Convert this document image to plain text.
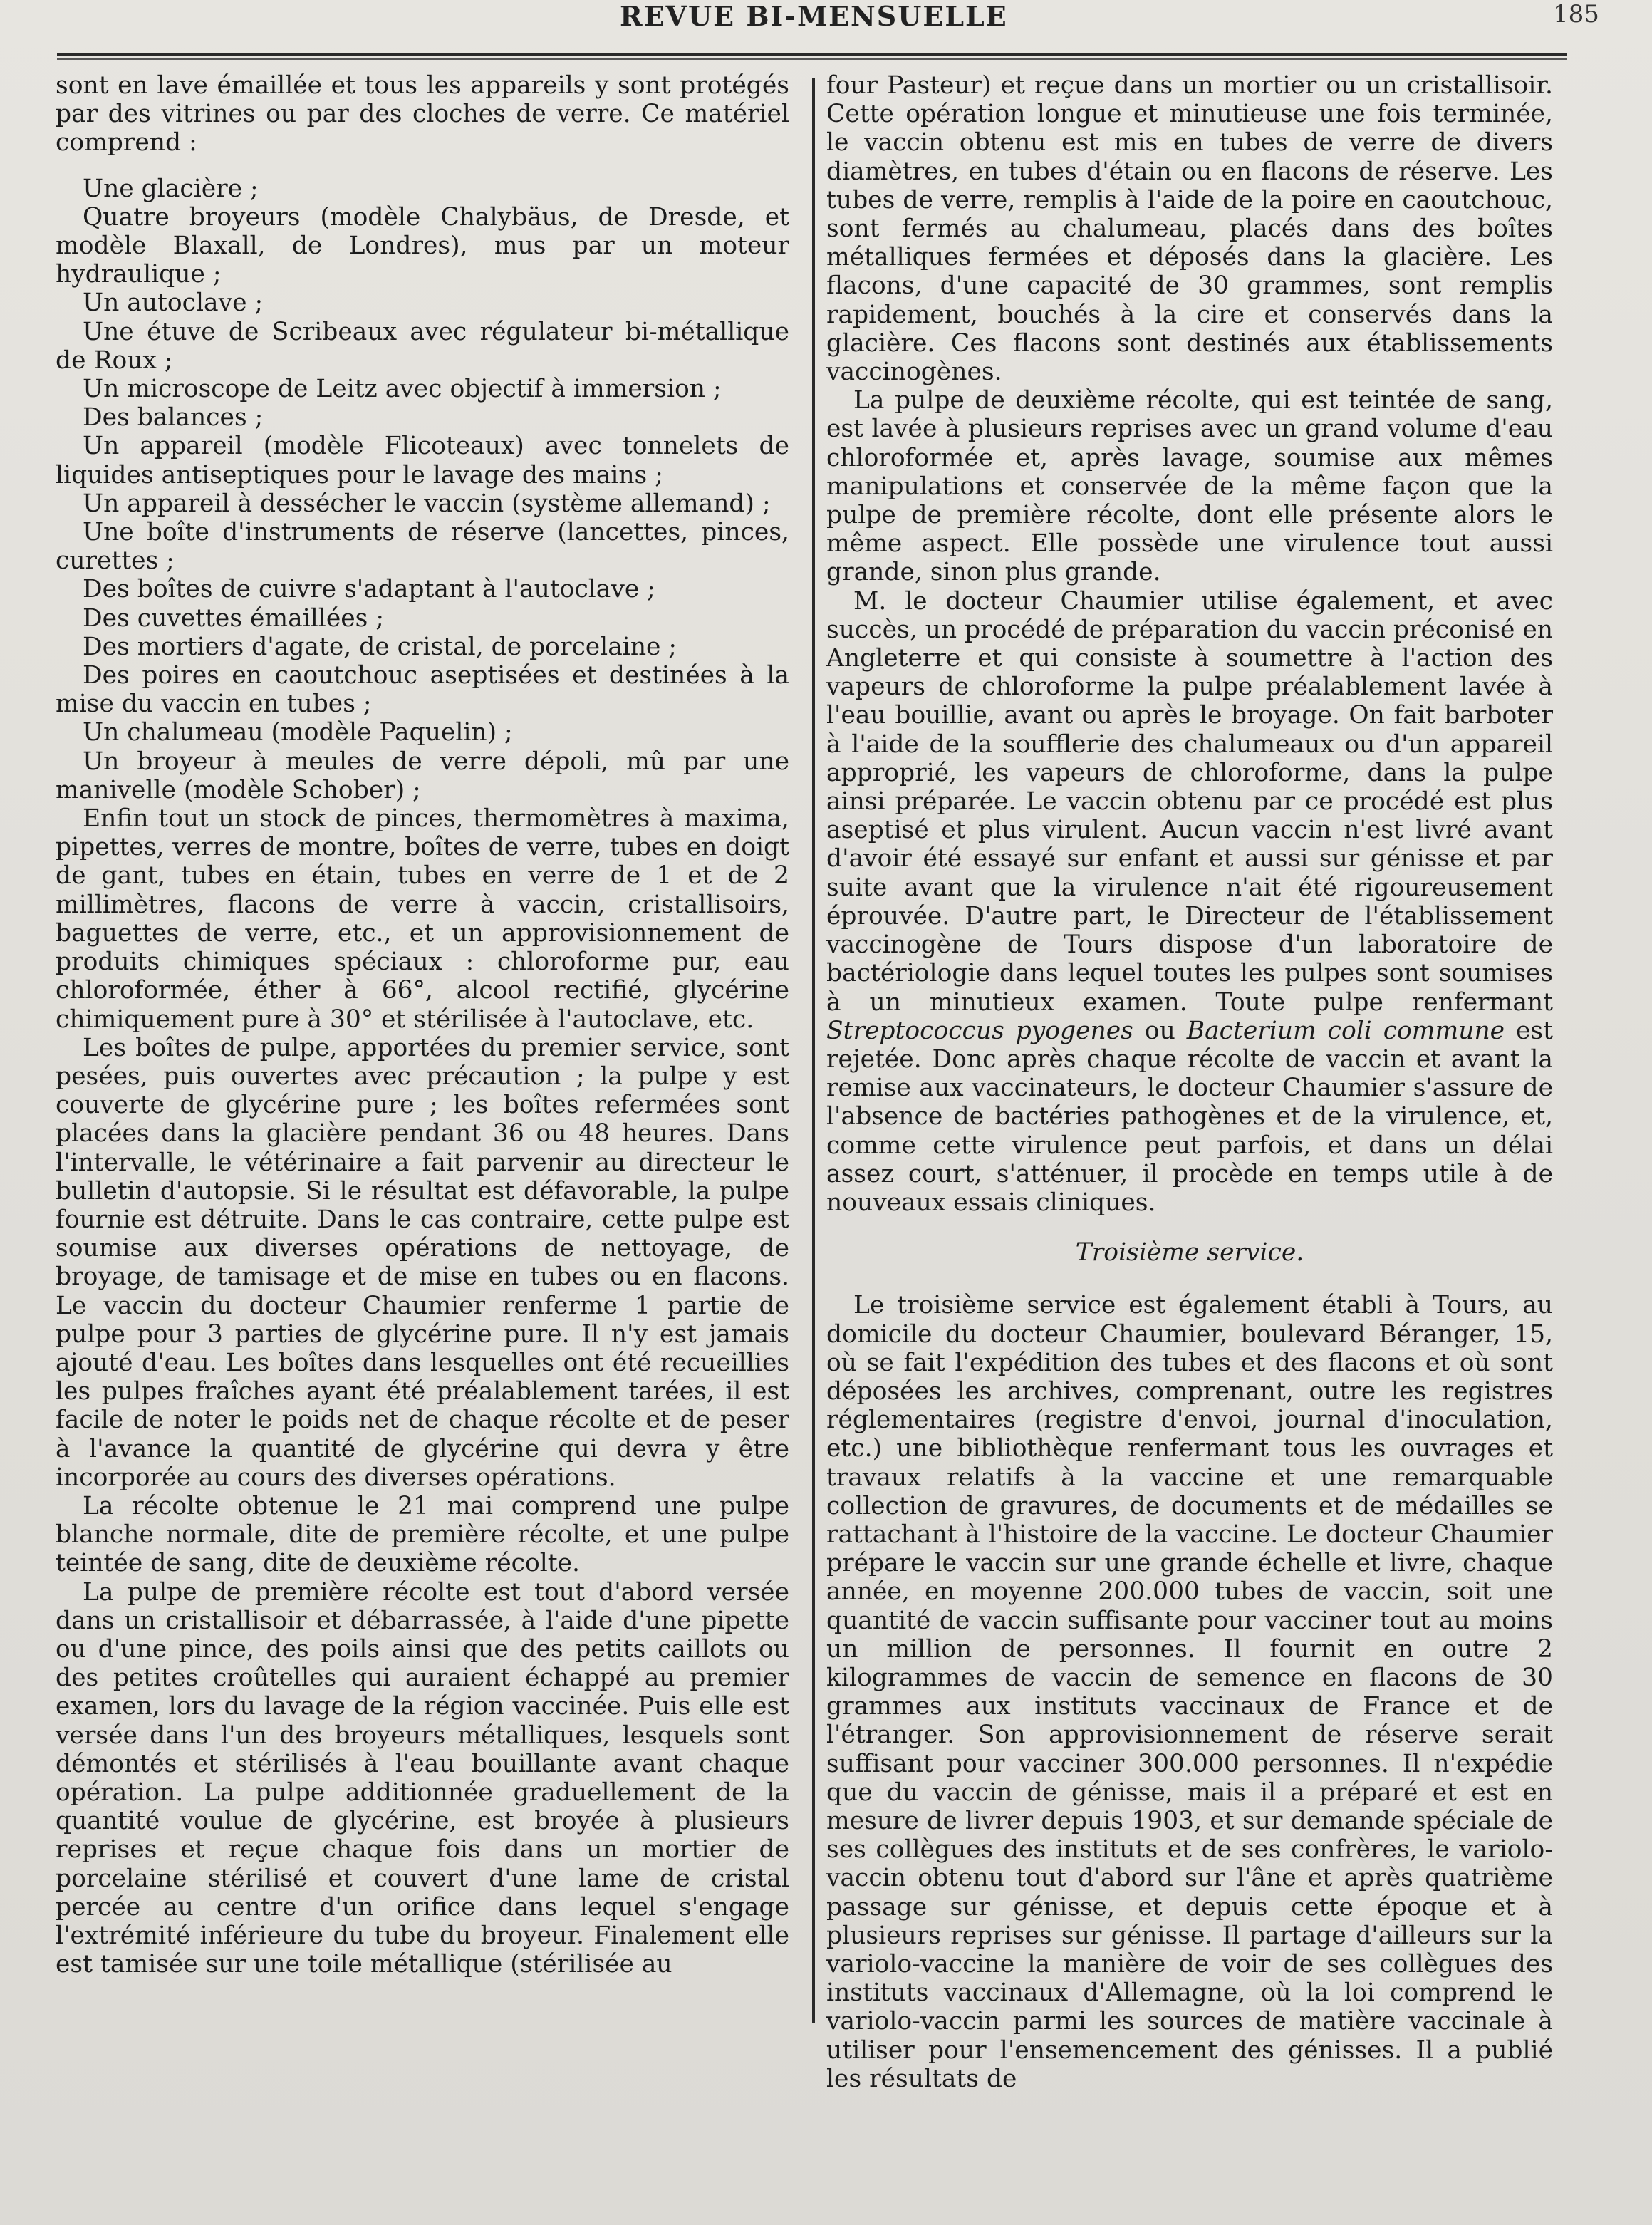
REVUE BI-MENSUELLE	185

sont en lave émaillée et tous les appareils y sont protégés par des vitrines ou par des cloches de verre. Ce matériel comprend :

Une glacière ;

Quatre broyeurs (modèle Chalybäus, de Dresde, et modèle Blaxall, de Londres), mus par un moteur hydraulique ;

Un autoclave ;

Une étuve de Scribeaux avec régulateur bi-métallique de Roux ;

Un microscope de Leitz avec objectif à immersion ;

Des balances ;

Un appareil (modèle Flicoteaux) avec tonnelets de liquides antiseptiques pour le lavage des mains ;

Un appareil à dessécher le vaccin (système allemand) ;

Une boîte d'instruments de réserve (lancettes, pinces, curettes ;

Des boîtes de cuivre s'adaptant à l'autoclave ;

Des cuvettes émaillées ;

Des mortiers d'agate, de cristal, de porcelaine ;

Des poires en caoutchouc aseptisées et destinées à la mise du vaccin en tubes ;

Un chalumeau (modèle Paquelin) ;

Un broyeur à meules de verre dépoli, mû par une manivelle (modèle Schober) ;

Enfin tout un stock de pinces, thermomètres à maxima, pipettes, verres de montre, boîtes de verre, tubes en doigt de gant, tubes en étain, tubes en verre de 1 et de 2 millimètres, flacons de verre à vaccin, cristallisoirs, baguettes de verre, etc., et un approvisionnement de produits chimiques spéciaux : chloroforme pur, eau chloroformée, éther à 66°, alcool rectifié, glycérine chimiquement pure à 30° et stérilisée à l'autoclave, etc.

Les boîtes de pulpe, apportées du premier service, sont pesées, puis ouvertes avec précaution ; la pulpe y est couverte de glycérine pure ; les boîtes refermées sont placées dans la glacière pendant 36 ou 48 heures. Dans l'intervalle, le vétérinaire a fait parvenir au directeur le bulletin d'autopsie. Si le résultat est défavorable, la pulpe fournie est détruite. Dans le cas contraire, cette pulpe est soumise aux diverses opérations de nettoyage, de broyage, de tamisage et de mise en tubes ou en flacons. Le vaccin du docteur Chaumier renferme 1 partie de pulpe pour 3 parties de glycérine pure. Il n'y est jamais ajouté d'eau. Les boîtes dans lesquelles ont été recueillies les pulpes fraîches ayant été préalablement tarées, il est facile de noter le poids net de chaque récolte et de peser à l'avance la quantité de glycérine qui devra y être incorporée au cours des diverses opérations.

La récolte obtenue le 21 mai comprend une pulpe blanche normale, dite de première récolte, et une pulpe teintée de sang, dite de deuxième récolte.

La pulpe de première récolte est tout d'abord versée dans un cristallisoir et débarrassée, à l'aide d'une pipette ou d'une pince, des poils ainsi que des petits caillots ou des petites croûtelles qui auraient échappé au premier examen, lors du lavage de la région vaccinée. Puis elle est versée dans l'un des broyeurs métalliques, lesquels sont démontés et stérilisés à l'eau bouillante avant chaque opération. La pulpe additionnée graduellement de la quantité voulue de glycérine, est broyée à plusieurs reprises et reçue chaque fois dans un mortier de porcelaine stérilisé et couvert d'une lame de cristal percée au centre d'un orifice dans lequel s'engage l'extrémité inférieure du tube du broyeur. Finalement elle est tamisée sur une toile métallique (stérilisée au

four Pasteur) et reçue dans un mortier ou un cristallisoir. Cette opération longue et minutieuse une fois terminée, le vaccin obtenu est mis en tubes de verre de divers diamètres, en tubes d'étain ou en flacons de réserve. Les tubes de verre, remplis à l'aide de la poire en caoutchouc, sont fermés au chalumeau, placés dans des boîtes métalliques fermées et déposés dans la glacière. Les flacons, d'une capacité de 30 grammes, sont remplis rapidement, bouchés à la cire et conservés dans la glacière. Ces flacons sont destinés aux établissements vaccinogènes.

La pulpe de deuxième récolte, qui est teintée de sang, est lavée à plusieurs reprises avec un grand volume d'eau chloroformée et, après lavage, soumise aux mêmes manipulations et conservée de la même façon que la pulpe de première récolte, dont elle présente alors le même aspect. Elle possède une virulence tout aussi grande, sinon plus grande.

M. le docteur Chaumier utilise également, et avec succès, un procédé de préparation du vaccin préconisé en Angleterre et qui consiste à soumettre à l'action des vapeurs de chloroforme la pulpe préalablement lavée à l'eau bouillie, avant ou après le broyage. On fait barboter à l'aide de la soufflerie des chalumeaux ou d'un appareil approprié, les vapeurs de chloroforme, dans la pulpe ainsi préparée. Le vaccin obtenu par ce procédé est plus aseptisé et plus virulent. Aucun vaccin n'est livré avant d'avoir été essayé sur enfant et aussi sur génisse et par suite avant que la virulence n'ait été rigoureusement éprouvée. D'autre part, le Directeur de l'établissement vaccinogène de Tours dispose d'un laboratoire de bactériologie dans lequel toutes les pulpes sont soumises à un minutieux examen. Toute pulpe renfermant Streptococcus pyogenes ou Bacterium coli commune est rejetée. Donc après chaque récolte de vaccin et avant la remise aux vaccinateurs, le docteur Chaumier s'assure de l'absence de bactéries pathogènes et de la virulence, et, comme cette virulence peut parfois, et dans un délai assez court, s'atténuer, il procède en temps utile à de nouveaux essais cliniques.

Troisième service.

Le troisième service est également établi à Tours, au domicile du docteur Chaumier, boulevard Béranger, 15, où se fait l'expédition des tubes et des flacons et où sont déposées les archives, comprenant, outre les registres réglementaires (registre d'envoi, journal d'inoculation, etc.) une bibliothèque renfermant tous les ouvrages et travaux relatifs à la vaccine et une remarquable collection de gravures, de documents et de médailles se rattachant à l'histoire de la vaccine. Le docteur Chaumier prépare le vaccin sur une grande échelle et livre, chaque année, en moyenne 200.000 tubes de vaccin, soit une quantité de vaccin suffisante pour vacciner tout au moins un million de personnes. Il fournit en outre 2 kilogrammes de vaccin de semence en flacons de 30 grammes aux instituts vaccinaux de France et de l'étranger. Son approvisionnement de réserve serait suffisant pour vacciner 300.000 personnes. Il n'expédie que du vaccin de génisse, mais il a préparé et est en mesure de livrer depuis 1903, et sur demande spéciale de ses collègues des instituts et de ses confrères, le variolo-vaccin obtenu tout d'abord sur l'âne et après quatrième passage sur génisse, et depuis cette époque et à plusieurs reprises sur génisse. Il partage d'ailleurs sur la variolo-vaccine la manière de voir de ses collègues des instituts vaccinaux d'Allemagne, où la loi comprend le variolo-vaccin parmi les sources de matière vaccinale à utiliser pour l'ensemencement des génisses. Il a publié les résultats de
